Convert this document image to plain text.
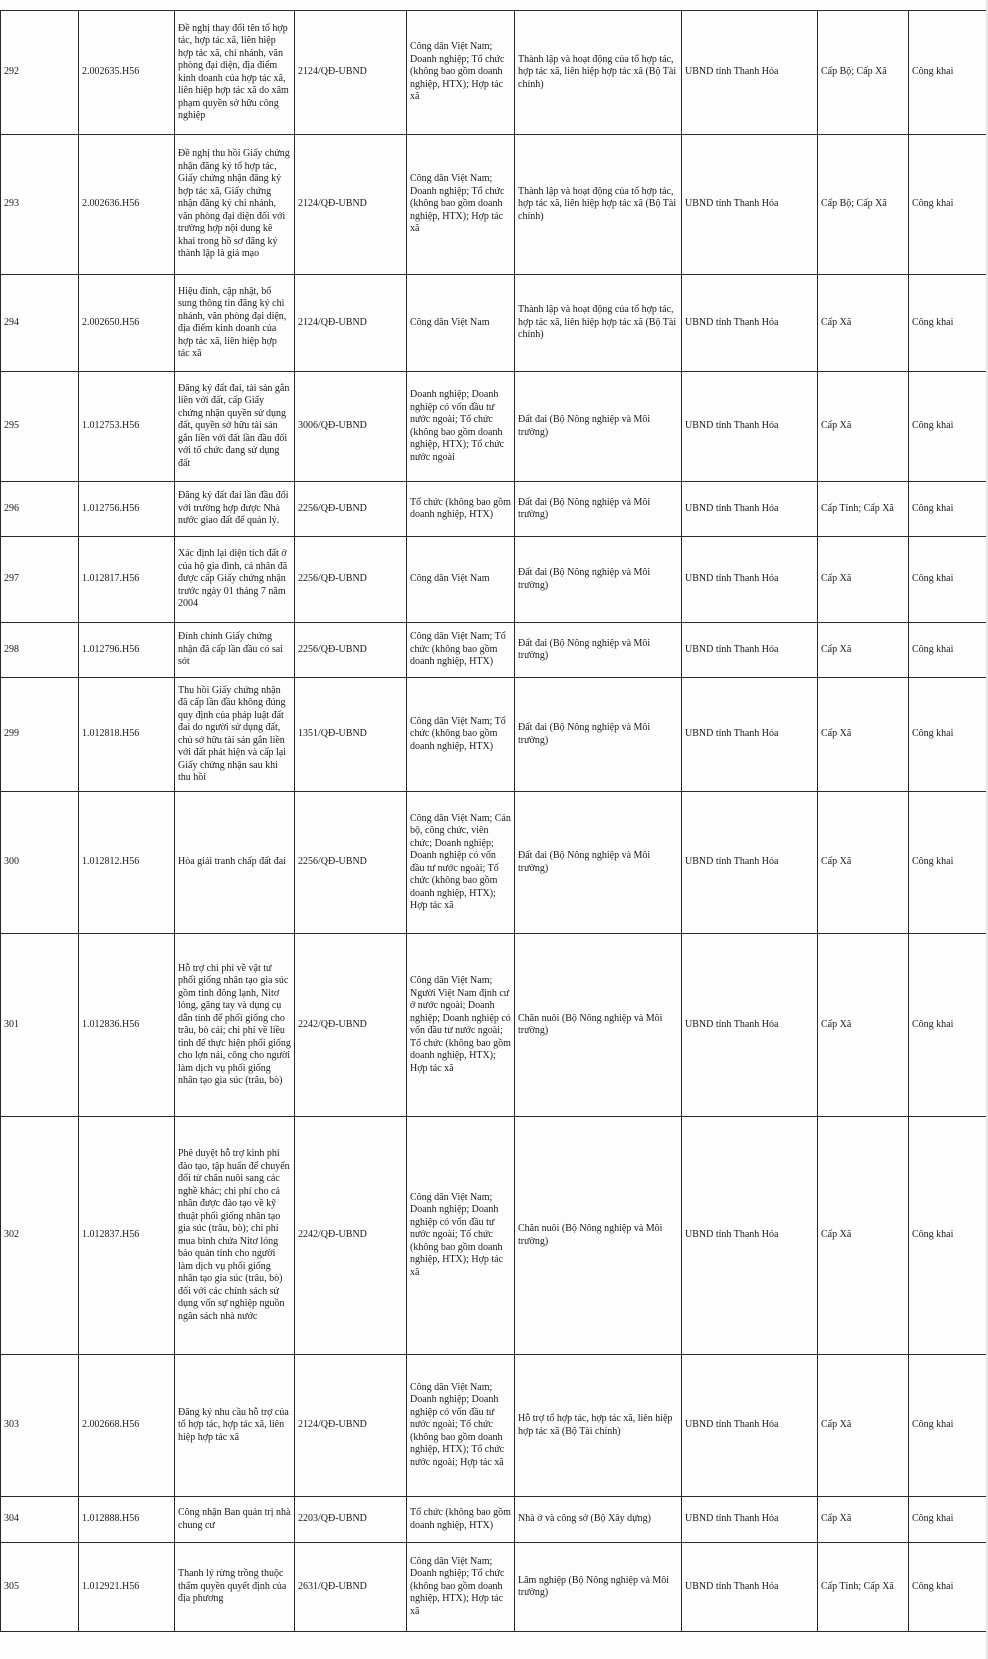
292	2.002635.H56	Đề nghị thay đổi tên tổ hợp tác, hợp tác xã, liên hiệp hợp tác xã, chi nhánh, văn phòng đại diện, địa điểm kinh doanh của hợp tác xã, liên hiệp hợp tác xã do xâm phạm quyền sở hữu công nghiệp	2124/QĐ-UBND	Công dân Việt Nam; Doanh nghiệp; Tổ chức (không bao gồm doanh nghiệp, HTX); Hợp tác xã	Thành lập và hoạt động của tổ hợp tác, hợp tác xã, liên hiệp hợp tác xã (Bộ Tài chính)	UBND tỉnh Thanh Hóa	Cấp Bộ; Cấp Xã	Công khai
293	2.002636.H56	Đề nghị thu hồi Giấy chứng nhận đăng ký tổ hợp tác, Giấy chứng nhận đăng ký hợp tác xã, Giấy chứng nhận đăng ký chi nhánh, văn phòng đại diện đối với trường hợp nội dung kê khai trong hồ sơ đăng ký thành lập là giả mạo	2124/QĐ-UBND	Công dân Việt Nam; Doanh nghiệp; Tổ chức (không bao gồm doanh nghiệp, HTX); Hợp tác xã	Thành lập và hoạt động của tổ hợp tác, hợp tác xã, liên hiệp hợp tác xã (Bộ Tài chính)	UBND tỉnh Thanh Hóa	Cấp Bộ; Cấp Xã	Công khai
294	2.002650.H56	Hiệu đính, cập nhật, bổ sung thông tin đăng ký chi nhánh, văn phòng đại diện, địa điểm kinh doanh của hợp tác xã, liên hiệp hợp tác xã	2124/QĐ-UBND	Công dân Việt Nam	Thành lập và hoạt động của tổ hợp tác, hợp tác xã, liên hiệp hợp tác xã (Bộ Tài chính)	UBND tỉnh Thanh Hóa	Cấp Xã	Công khai
295	1.012753.H56	Đăng ký đất đai, tài sản gắn liền với đất, cấp Giấy chứng nhận quyền sử dụng đất, quyền sở hữu tài sản gắn liền với đất lần đầu đối với tổ chức đang sử dụng đất	3006/QĐ-UBND	Doanh nghiệp; Doanh nghiệp có vốn đầu tư nước ngoài; Tổ chức (không bao gồm doanh nghiệp, HTX); Tổ chức nước ngoài	Đất đai (Bộ Nông nghiệp và Môi trường)	UBND tỉnh Thanh Hóa	Cấp Xã	Công khai
296	1.012756.H56	Đăng ký đất đai lần đầu đối với trường hợp được Nhà nước giao đất để quản lý.	2256/QĐ-UBND	Tổ chức (không bao gồm doanh nghiệp, HTX)	Đất đai (Bộ Nông nghiệp và Môi trường)	UBND tỉnh Thanh Hóa	Cấp Tỉnh; Cấp Xã	Công khai
297	1.012817.H56	Xác định lại diện tích đất ở của hộ gia đình, cá nhân đã được cấp Giấy chứng nhận trước ngày 01 tháng 7 năm 2004	2256/QĐ-UBND	Công dân Việt Nam	Đất đai (Bộ Nông nghiệp và Môi trường)	UBND tỉnh Thanh Hóa	Cấp Xã	Công khai
298	1.012796.H56	Đính chính Giấy chứng nhận đã cấp lần đầu có sai sót	2256/QĐ-UBND	Công dân Việt Nam; Tổ chức (không bao gồm doanh nghiệp, HTX)	Đất đai (Bộ Nông nghiệp và Môi trường)	UBND tỉnh Thanh Hóa	Cấp Xã	Công khai
299	1.012818.H56	Thu hồi Giấy chứng nhận đã cấp lần đầu không đúng quy định của pháp luật đất đai do người sử dụng đất, chủ sở hữu tài sản gắn liền với đất phát hiện và cấp lại Giấy chứng nhận sau khi thu hồi	1351/QĐ-UBND	Công dân Việt Nam; Tổ chức (không bao gồm doanh nghiệp, HTX)	Đất đai (Bộ Nông nghiệp và Môi trường)	UBND tỉnh Thanh Hóa	Cấp Xã	Công khai
300	1.012812.H56	Hòa giải tranh chấp đất đai	2256/QĐ-UBND	Công dân Việt Nam; Cán bộ, công chức, viên chức; Doanh nghiệp; Doanh nghiệp có vốn đầu tư nước ngoài; Tổ chức (không bao gồm doanh nghiệp, HTX); Hợp tác xã	Đất đai (Bộ Nông nghiệp và Môi trường)	UBND tỉnh Thanh Hóa	Cấp Xã	Công khai
301	1.012836.H56	Hỗ trợ chi phí về vật tư phối giống nhân tạo gia súc gồm tinh đông lạnh, Nitơ lỏng, găng tay và dụng cụ dẫn tinh để phối giống cho trâu, bò cái; chi phí về liều tinh để thực hiện phối giống cho lợn nái, công cho người làm dịch vụ phối giống nhân tạo gia súc (trâu, bò)	2242/QĐ-UBND	Công dân Việt Nam; Người Việt Nam định cư ở nước ngoài; Doanh nghiệp; Doanh nghiệp có vốn đầu tư nước ngoài; Tổ chức (không bao gồm doanh nghiệp, HTX); Hợp tác xã	Chăn nuôi (Bộ Nông nghiệp và Môi trường)	UBND tỉnh Thanh Hóa	Cấp Xã	Công khai
302	1.012837.H56	Phê duyệt hỗ trợ kinh phí đào tạo, tập huấn để chuyển đổi từ chăn nuôi sang các nghề khác; chi phí cho cá nhân được đào tạo về kỹ thuật phối giống nhân tạo gia súc (trâu, bò); chi phí mua bình chứa Nitơ lỏng bảo quản tinh cho người làm dịch vụ phối giống nhân tạo gia súc (trâu, bò) đối với các chính sách sử dụng vốn sự nghiệp nguồn ngân sách nhà nước	2242/QĐ-UBND	Công dân Việt Nam; Doanh nghiệp; Doanh nghiệp có vốn đầu tư nước ngoài; Tổ chức (không bao gồm doanh nghiệp, HTX); Hợp tác xã	Chăn nuôi (Bộ Nông nghiệp và Môi trường)	UBND tỉnh Thanh Hóa	Cấp Xã	Công khai
303	2.002668.H56	Đăng ký nhu cầu hỗ trợ của tổ hợp tác, hợp tác xã, liên hiệp hợp tác xã	2124/QĐ-UBND	Công dân Việt Nam; Doanh nghiệp; Doanh nghiệp có vốn đầu tư nước ngoài; Tổ chức (không bao gồm doanh nghiệp, HTX); Tổ chức nước ngoài; Hợp tác xã	Hỗ trợ tổ hợp tác, hợp tác xã, liên hiệp hợp tác xã (Bộ Tài chính)	UBND tỉnh Thanh Hóa	Cấp Xã	Công khai
304	1.012888.H56	Công nhận Ban quản trị nhà chung cư	2203/QĐ-UBND	Tổ chức (không bao gồm doanh nghiệp, HTX)	Nhà ở và công sở (Bộ Xây dựng)	UBND tỉnh Thanh Hóa	Cấp Xã	Công khai
305	1.012921.H56	Thanh lý rừng trồng thuộc thẩm quyền quyết định của địa phương	2631/QĐ-UBND	Công dân Việt Nam; Doanh nghiệp; Tổ chức (không bao gồm doanh nghiệp, HTX); Hợp tác xã	Lâm nghiệp (Bộ Nông nghiệp và Môi trường)	UBND tỉnh Thanh Hóa	Cấp Tỉnh; Cấp Xã	Công khai
